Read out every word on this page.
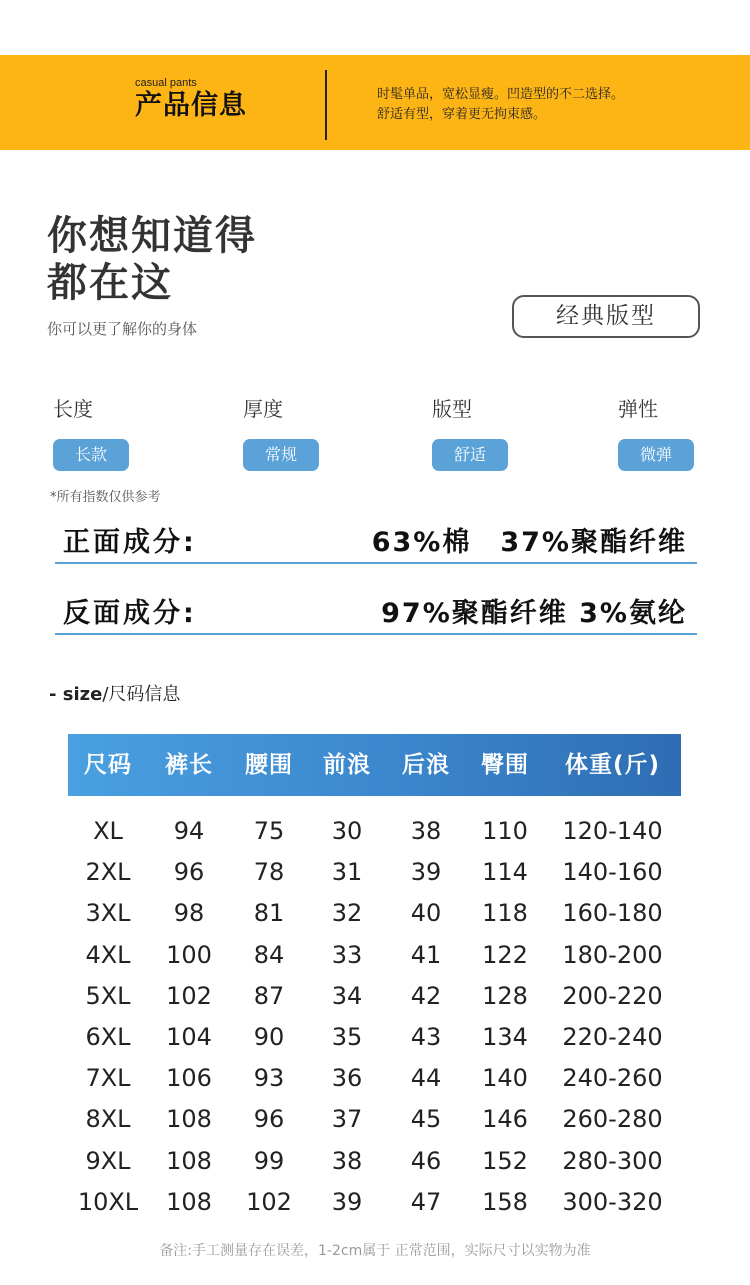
casual pants
产品信息	时髦单品，宽松显瘦。凹造型的不二选择。
舒适有型，穿着更无拘束感。
你想知道得
都在这
你可以更了解你的身体	经典版型
长度
长款
厚度
常规
版型
舒适
弹性
微弹
*所有指数仅供参考
正面成分:	63%棉　37%聚酯纤维
反面成分:	97%聚酯纤维 3%氨纶
- size/尺码信息
尺码	裤长	腰围	前浪	后浪	臀围	体重(斤)
XL	94	75	30	38	110	120-140
2XL	96	78	31	39	114	140-160
3XL	98	81	32	40	118	160-180
4XL	100	84	33	41	122	180-200
5XL	102	87	34	42	128	200-220
6XL	104	90	35	43	134	220-240
7XL	106	93	36	44	140	240-260
8XL	108	96	37	45	146	260-280
9XL	108	99	38	46	152	280-300
10XL	108	102	39	47	158	300-320
备注:手工测量存在误差，1-2cm属于 正常范围，实际尺寸以实物为准
